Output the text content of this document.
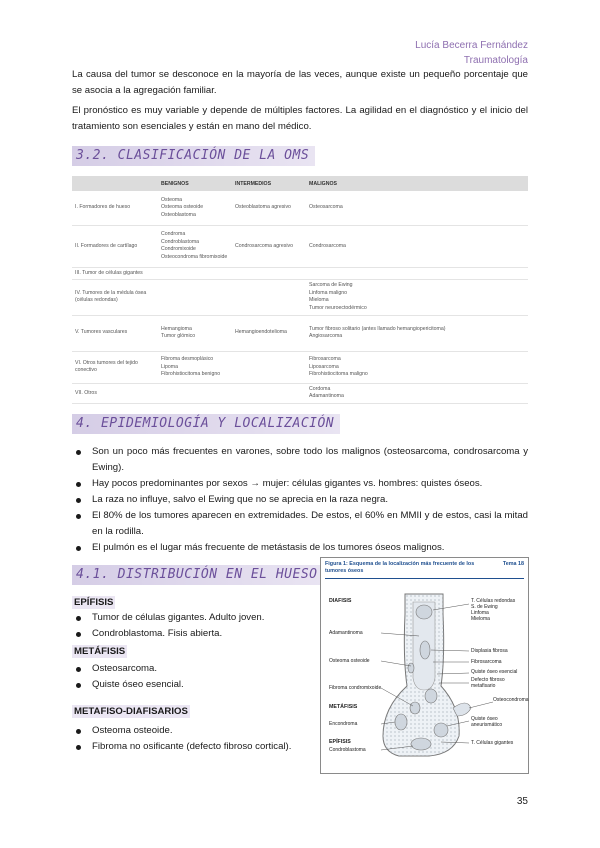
Lucía Becerra Fernández
Traumatología
La causa del tumor se desconoce en la mayoría de las veces, aunque existe un pequeño porcentaje que se asocia a la agregación familiar.
El pronóstico es muy variable y depende de múltiples factores. La agilidad en el diagnóstico y el inicio del tratamiento son esenciales y están en mano del médico.
3.2. CLASIFICACIÓN DE LA OMS
	BENIGNOS	INTERMEDIOS	MALIGNOS
I. Formadores de hueso	Osteoma
Osteoma osteoide
Osteoblastoma	Osteoblastoma agresivo	Osteosarcoma
II. Formadores de cartílago	Condroma
Condroblastoma
Condromixoide
Osteocondroma fibromixoide	Condrosarcoma agresivo	Condrosarcoma
III. Tumor de células gigantes			
IV. Tumores de la médula ósea (células redondas)			Sarcoma de Ewing
Linfoma maligno
Mieloma
Tumor neuroectodérmico
V. Tumores vasculares	Hemangioma
Tumor glómico	Hemangioendotelioma	Tumor fibroso solitario (antes llamado hemangiopericitoma)
Angiosarcoma
VI. Otros tumores del tejido conectivo	Fibroma desmoplásico
Lipoma
Fibrohistiocitoma benigno		Fibrosarcoma
Liposarcoma
Fibrohistiocitoma maligno
VII. Otros			Cordoma
Adamantinoma
4. EPIDEMIOLOGÍA Y LOCALIZACIÓN
Son un poco más frecuentes en varones, sobre todo los malignos (osteosarcoma, condrosarcoma y Ewing).
Hay pocos predominantes por sexos → mujer: células gigantes vs. hombres: quistes óseos.
La raza no influye, salvo el Ewing que no se aprecia en la raza negra.
El 80% de los tumores aparecen en extremidades. De estos, el 60% en MMII y de estos, casi la mitad en la rodilla.
El pulmón es el lugar más frecuente de metástasis de los tumores óseos malignos.
4.1. DISTRIBUCIÓN EN EL HUESO
EPÍFISIS
Tumor de células gigantes. Adulto joven.
Condroblastoma. Fisis abierta.
METÁFISIS
Osteosarcoma.
Quiste óseo esencial.
METAFISO-DIAFISARIOS
Osteoma osteoide.
Fibroma no osificante (defecto fibroso cortical).
Figura 1: Esquema de la localización más frecuente de los tumores óseos
Tema 18
DIAFISIS
METÁFISIS
EPÍFISIS
T. Células redondas
S. de Ewing
Linfoma
Mieloma
Displasia fibrosa
Fibrosarcoma
Quiste óseo esencial
Defecto fibroso metafisario
Osteocondroma
Quiste óseo aneurismático
T. Células gigantes
Adamantinoma
Osteoma osteoide
Fibroma condromixoide
Encondroma
Condroblastoma
35
